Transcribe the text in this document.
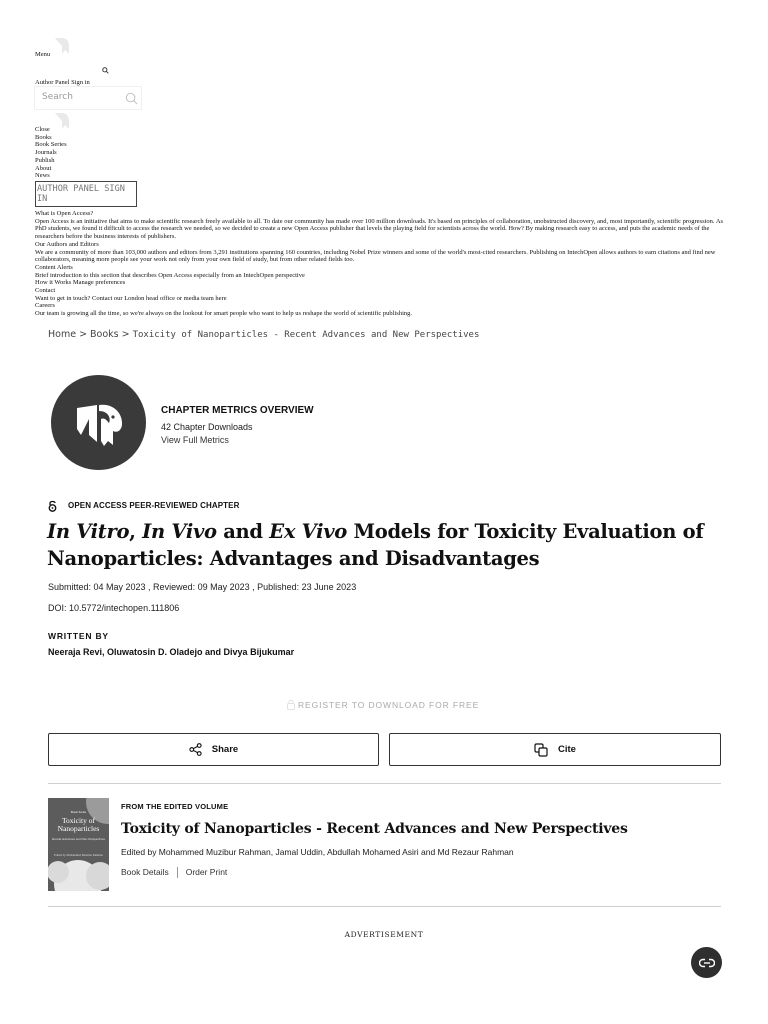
Menu
Author Panel Sign in
Search
Close
Books
Book Series
Journals
Publish
About
News
AUTHOR PANEL SIGN IN
What is Open Access?
Open Access is an initiative that aims to make scientific research freely available to all. To date our community has made over 100 million downloads. It's based on principles of collaboration, unobstructed discovery, and, most importantly, scientific progression. As PhD students, we found it difficult to access the research we needed, so we decided to create a new Open Access publisher that levels the playing field for scientists across the world. How? By making research easy to access, and puts the academic needs of the researchers before the business interests of publishers.
Our Authors and Editors
We are a community of more than 103,000 authors and editors from 3,291 institutions spanning 160 countries, including Nobel Prize winners and some of the world's most-cited researchers. Publishing on IntechOpen allows authors to earn citations and find new collaborators, meaning more people see your work not only from your own field of study, but from other related fields too.
Content Alerts
Brief introduction to this section that describes Open Access especially from an IntechOpen perspective
How it Works Manage preferences
Contact
Want to get in touch? Contact our London head office or media team here
Careers
Our team is growing all the time, so we're always on the lookout for smart people who want to help us reshape the world of scientific publishing.
Home > Books > Toxicity of Nanoparticles - Recent Advances and New Perspectives
CHAPTER METRICS OVERVIEW
42 Chapter Downloads
View Full Metrics
OPEN ACCESS PEER-REVIEWED CHAPTER
In Vitro, In Vivo and Ex Vivo Models for Toxicity Evaluation of Nanoparticles: Advantages and Disadvantages
Submitted: 04 May 2023 , Reviewed: 09 May 2023 , Published: 23 June 2023
DOI: 10.5772/intechopen.111806
WRITTEN BY
Neeraja Revi, Oluwatosin D. Oladejo and Divya Bijukumar
REGISTER TO DOWNLOAD FOR FREE
Share	Cite
Book Series
Toxicity of Nanoparticles
Recent Advances and New Perspectives
Edited by Mohammed Muzibur Rahman
FROM THE EDITED VOLUME
Toxicity of Nanoparticles - Recent Advances and New Perspectives
Edited by Mohammed Muzibur Rahman, Jamal Uddin, Abdullah Mohamed Asiri and Md Rezaur Rahman
Book Details Order Print
ADVERTISEMENT
